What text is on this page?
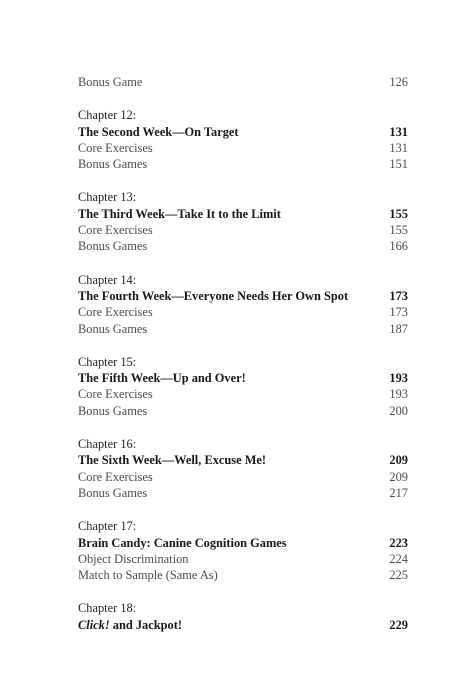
Bonus Game	126
Chapter 12:
The Second Week—On Target	131
Core Exercises	131
Bonus Games	151
Chapter 13:
The Third Week—Take It to the Limit	155
Core Exercises	155
Bonus Games	166
Chapter 14:
The Fourth Week—Everyone Needs Her Own Spot	173
Core Exercises	173
Bonus Games	187
Chapter 15:
The Fifth Week—Up and Over!	193
Core Exercises	193
Bonus Games	200
Chapter 16:
The Sixth Week—Well, Excuse Me!	209
Core Exercises	209
Bonus Games	217
Chapter 17:
Brain Candy: Canine Cognition Games	223
Object Discrimination	224
Match to Sample (Same As)	225
Chapter 18:
Click! and Jackpot!	229
